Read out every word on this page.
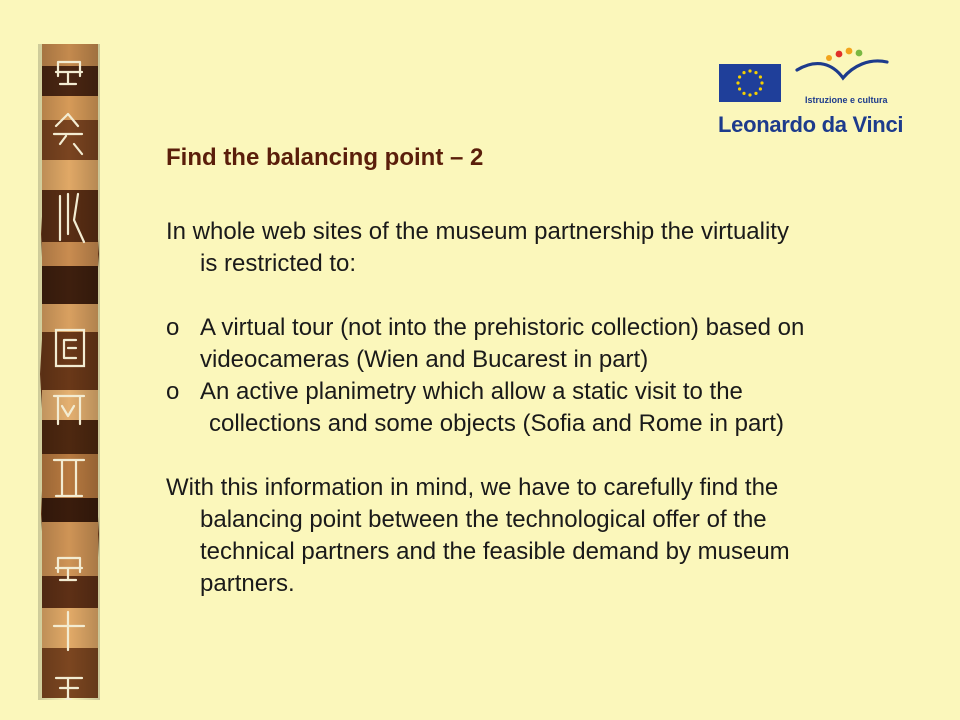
Istruzione e cultura
Leonardo da Vinci
Find the balancing point – 2

In whole web sites of the museum partnership the virtuality
is restricted to:

o A virtual tour (not into the prehistoric collection) based on
videocameras (Wien and Bucarest in part)
o An active planimetry which allow a static visit to the
collections and some objects (Sofia and Rome in part)

With this information in mind, we have to carefully find the
balancing point between the technological offer of the
technical partners and the feasible demand by museum
partners.
